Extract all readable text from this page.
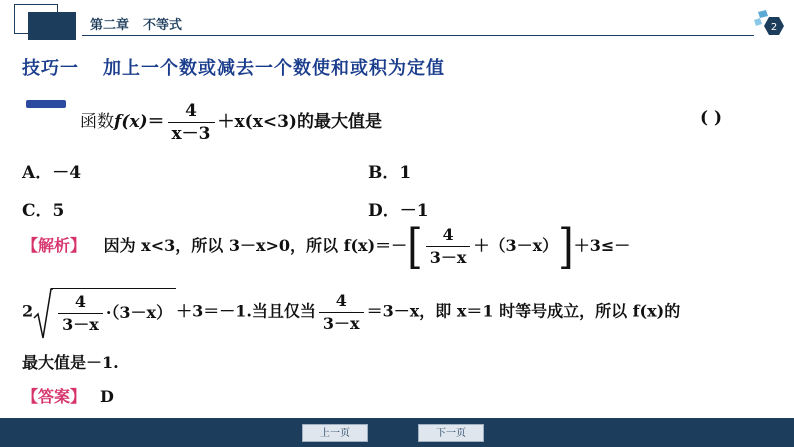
第二章 不等式	2
技巧一 加上一个数或减去一个数使和或积为定值
函数$f(x)= \frac{4}{x-3} +x(x<3)$的最大值是	( )
A．－4	B．1
C．5	D．－1
【解析】 因为 x<3，所以 3－x>0，所以 $f(x)=-[ \frac{4}{3-x} +(3-x)]+3\le-$
$2 \frac{4}{3-x} \cdot(3-x) +3=-1$.当且仅当 $\frac{4}{3-x} =3-x$，即 x＝1 时等号成立，所以 f(x)的
最大值是－1.
【答案】 D
上一页	下一页
